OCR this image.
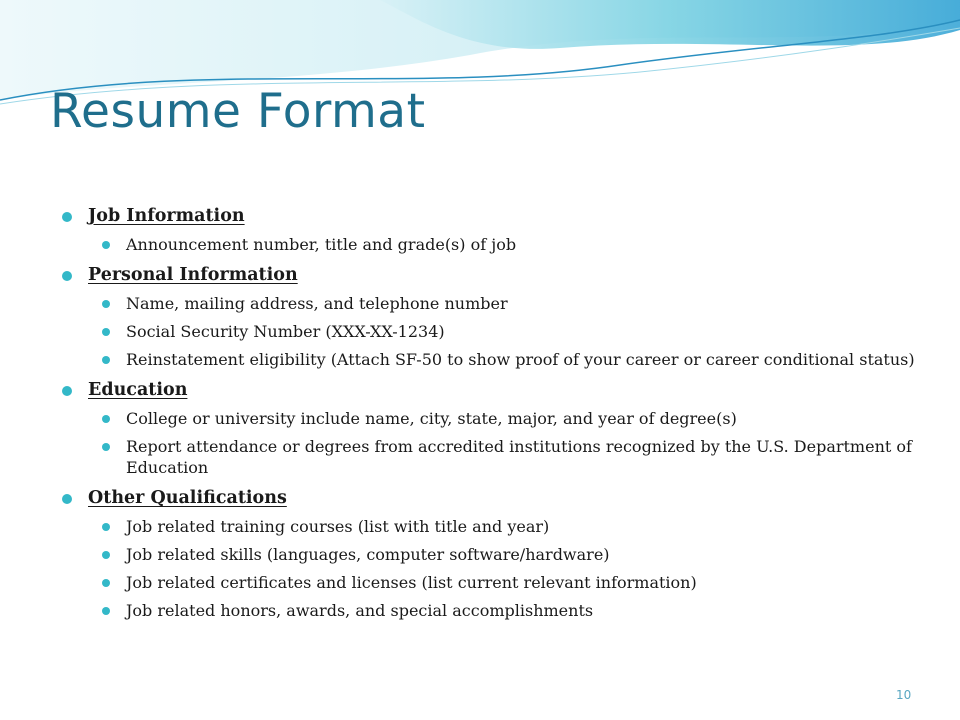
Resume Format
Job Information
Announcement number, title and grade(s) of job
Personal Information
Name, mailing address, and telephone number
Social Security Number (XXX-XX-1234)
Reinstatement eligibility (Attach SF-50 to show proof of your career or career conditional status)
Education
College or university include name, city, state, major, and year of degree(s)
Report attendance or degrees from accredited institutions recognized by the U.S. Department of Education
Other Qualifications
Job related training courses (list with title and year)
Job related skills (languages, computer software/hardware)
Job related certificates and licenses (list current relevant information)
Job related honors, awards, and special accomplishments
10
